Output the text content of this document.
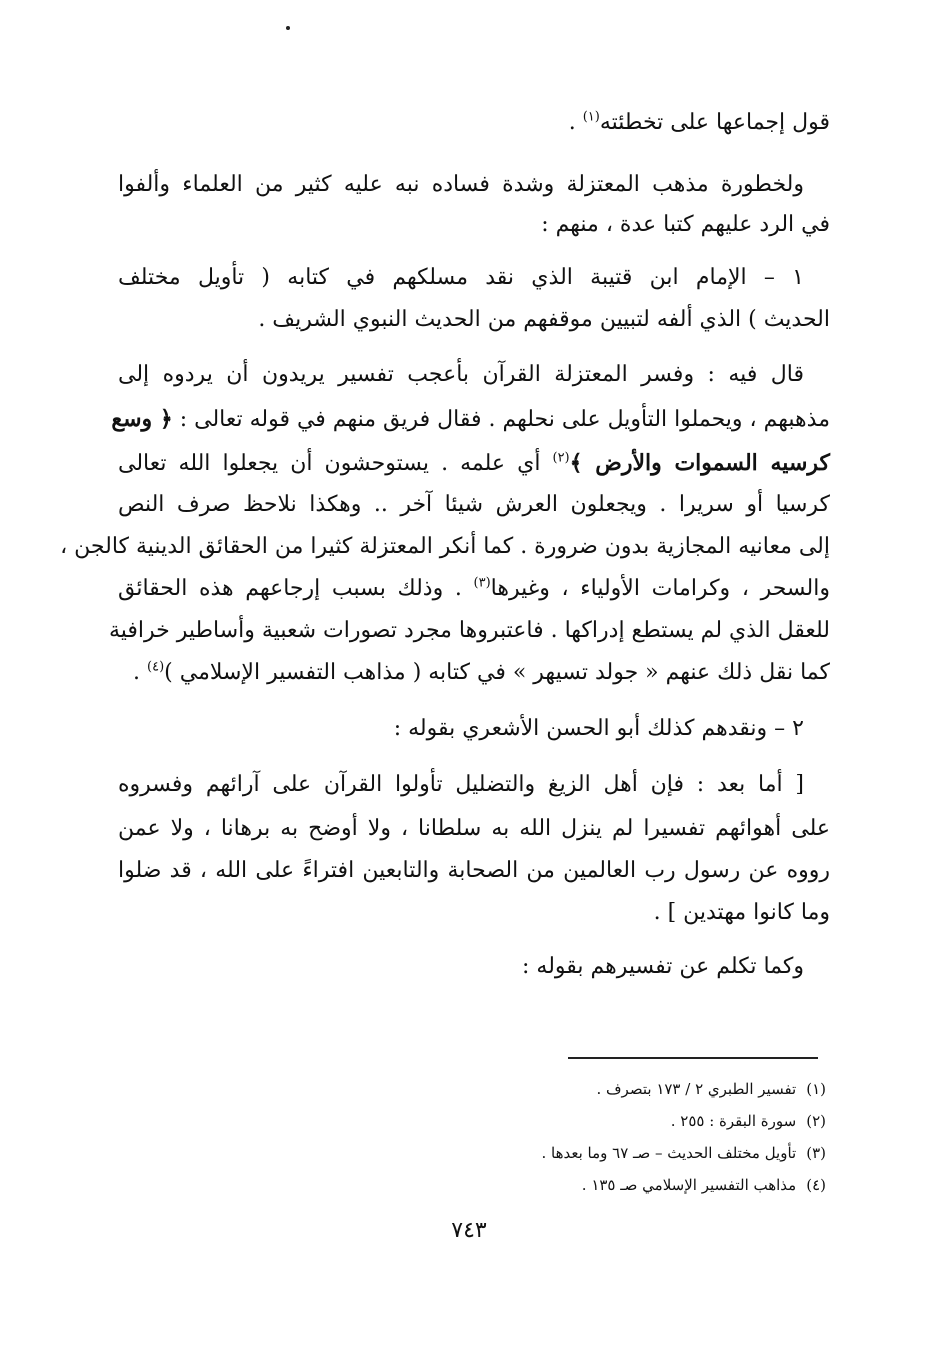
قول إجماعها على تخطئته$^{(١)}$ .
ولخطورة مذهب المعتزلة وشدة فساده نبه عليه كثير من العلماء وألفوا
في الرد عليهم كتبا عدة ، منهم :
١ – الإمام ابن قتيبة الذي نقد مسلكهم في كتابه ( تأويل مختلف
الحديث ) الذي ألفه لتبيين موقفهم من الحديث النبوي الشريف .
قال فيه : وفسر المعتزلة القرآن بأعجب تفسير يريدون أن يردوه إلى
مذهبهم ، ويحملوا التأويل على نحلهم . فقال فريق منهم في قوله تعالى : ﴿ وسع
كرسيه السموات والأرض ﴾$^{(٢)}$ أي علمه . يستوحشون أن يجعلوا الله تعالى
كرسيا أو سريرا . ويجعلون العرش شيئا آخر .. وهكذا نلاحظ صرف النص
إلى معانيه المجازية بدون ضرورة . كما أنكر المعتزلة كثيرا من الحقائق الدينية كالجن ،
والسحر ، وكرامات الأولياء ، وغيرها$^{(٣)}$ . وذلك بسبب إرجاعهم هذه الحقائق
للعقل الذي لم يستطع إدراكها . فاعتبروها مجرد تصورات شعبية وأساطير خرافية
كما نقل ذلك عنهم « جولد تسيهر » في كتابه ( مذاهب التفسير الإسلامي )$^{(٤)}$ .
٢ – ونقدهم كذلك أبو الحسن الأشعري بقوله :
[ أما بعد : فإن أهل الزيغ والتضليل تأولوا القرآن على آرائهم وفسروه
على أهوائهم تفسيرا لم ينزل الله به سلطانا ، ولا أوضح به برهانا ، ولا عمن
رووه عن رسول رب العالمين من الصحابة والتابعين افتراءً على الله ، قد ضلوا
وما كانوا مهتدين ] .
وكما تكلم عن تفسيرهم بقوله :
(١)تفسير الطبري ٢ / ١٧٣ بتصرف .
(٢)سورة البقرة : ٢٥٥ .
(٣)تأويل مختلف الحديث – صـ ٦٧ وما بعدها .
(٤)مذاهب التفسير الإسلامي صـ ١٣٥ .
٧٤٣
